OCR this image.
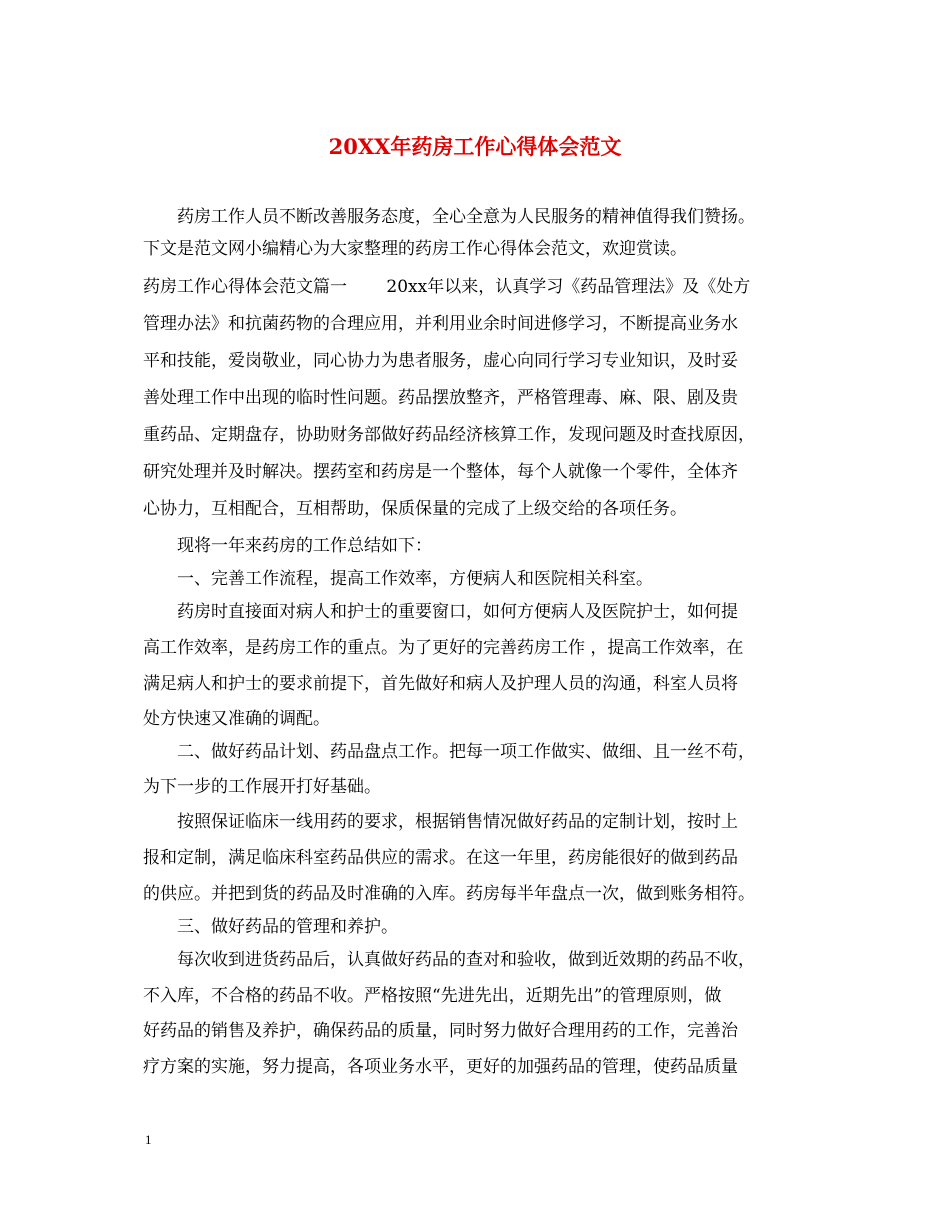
20XX年药房工作心得体会范文
　　药房工作人员不断改善服务态度，全心全意为人民服务的精神值得我们赞扬。
下文是范文网小编精心为大家整理的药房工作心得体会范文，欢迎赏读。
药房工作心得体会范文篇一　　 20xx年以来，认真学习《药品管理法》及《处方
管理办法》和抗菌药物的合理应用，并利用业余时间进修学习，不断提高业务水
平和技能，爱岗敬业，同心协力为患者服务，虚心向同行学习专业知识，及时妥
善处理工作中出现的临时性问题。药品摆放整齐，严格管理毒、麻、限、剧及贵
重药品、定期盘存，协助财务部做好药品经济核算工作，发现问题及时查找原因，
研究处理并及时解决。摆药室和药房是一个整体，每个人就像一个零件，全体齐
心协力，互相配合，互相帮助，保质保量的完成了上级交给的各项任务。
　　现将一年来药房的工作总结如下：
　　一、完善工作流程，提高工作效率，方便病人和医院相关科室。
　　药房时直接面对病人和护士的重要窗口，如何方便病人及医院护士，如何提
高工作效率，是药房工作的重点。为了更好的完善药房工作 ，提高工作效率，在
满足病人和护士的要求前提下，首先做好和病人及护理人员的沟通，科室人员将
处方快速又准确的调配。
　　二、做好药品计划、药品盘点工作。把每一项工作做实、做细、且一丝不苟，
为下一步的工作展开打好基础。
　　按照保证临床一线用药的要求，根据销售情况做好药品的定制计划，按时上
报和定制，满足临床科室药品供应的需求。在这一年里，药房能很好的做到药品
的供应。并把到货的药品及时准确的入库。药房每半年盘点一次，做到账务相符。
　　三、做好药品的管理和养护。
　　每次收到进货药品后，认真做好药品的查对和验收，做到近效期的药品不收，
不入库，不合格的药品不收。严格按照“先进先出，近期先出”的管理原则，做
好药品的销售及养护，确保药品的质量，同时努力做好合理用药的工作，完善治
疗方案的实施，努力提高，各项业务水平，更好的加强药品的管理，使药品质量
1
